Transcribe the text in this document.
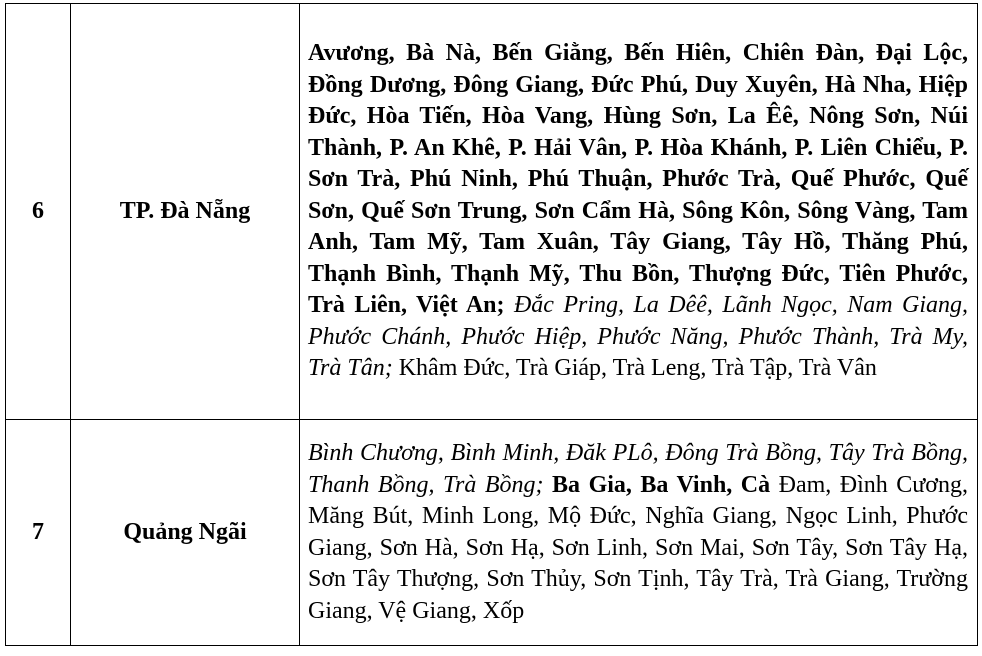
6	TP. Đà Nẵng	Avương, Bà Nà, Bến Giằng, Bến Hiên, Chiên Đàn, Đại Lộc, Đồng Dương, Đông Giang, Đức Phú, Duy Xuyên, Hà Nha, Hiệp Đức, Hòa Tiến, Hòa Vang, Hùng Sơn, La Êê, Nông Sơn, Núi Thành, P. An Khê, P. Hải Vân, P. Hòa Khánh, P. Liên Chiểu, P. Sơn Trà, Phú Ninh, Phú Thuận, Phước Trà, Quế Phước, Quế Sơn, Quế Sơn Trung, Sơn Cẩm Hà, Sông Kôn, Sông Vàng, Tam Anh, Tam Mỹ, Tam Xuân, Tây Giang, Tây Hồ, Thăng Phú, Thạnh Bình, Thạnh Mỹ, Thu Bồn, Thượng Đức, Tiên Phước, Trà Liên, Việt An; Đắc Pring, La Dêê, Lãnh Ngọc, Nam Giang, Phước Chánh, Phước Hiệp, Phước Năng, Phước Thành, Trà My, Trà Tân; Khâm Đức, Trà Giáp, Trà Leng, Trà Tập, Trà Vân
7	Quảng Ngãi	Bình Chương, Bình Minh, Đăk PLô, Đông Trà Bồng, Tây Trà Bồng, Thanh Bồng, Trà Bồng; Ba Gia, Ba Vinh, Cà Đam, Đình Cương, Măng Bút, Minh Long, Mộ Đức, Nghĩa Giang, Ngọc Linh, Phước Giang, Sơn Hà, Sơn Hạ, Sơn Linh, Sơn Mai, Sơn Tây, Sơn Tây Hạ, Sơn Tây Thượng, Sơn Thủy, Sơn Tịnh, Tây Trà, Trà Giang, Trường Giang, Vệ Giang, Xốp
